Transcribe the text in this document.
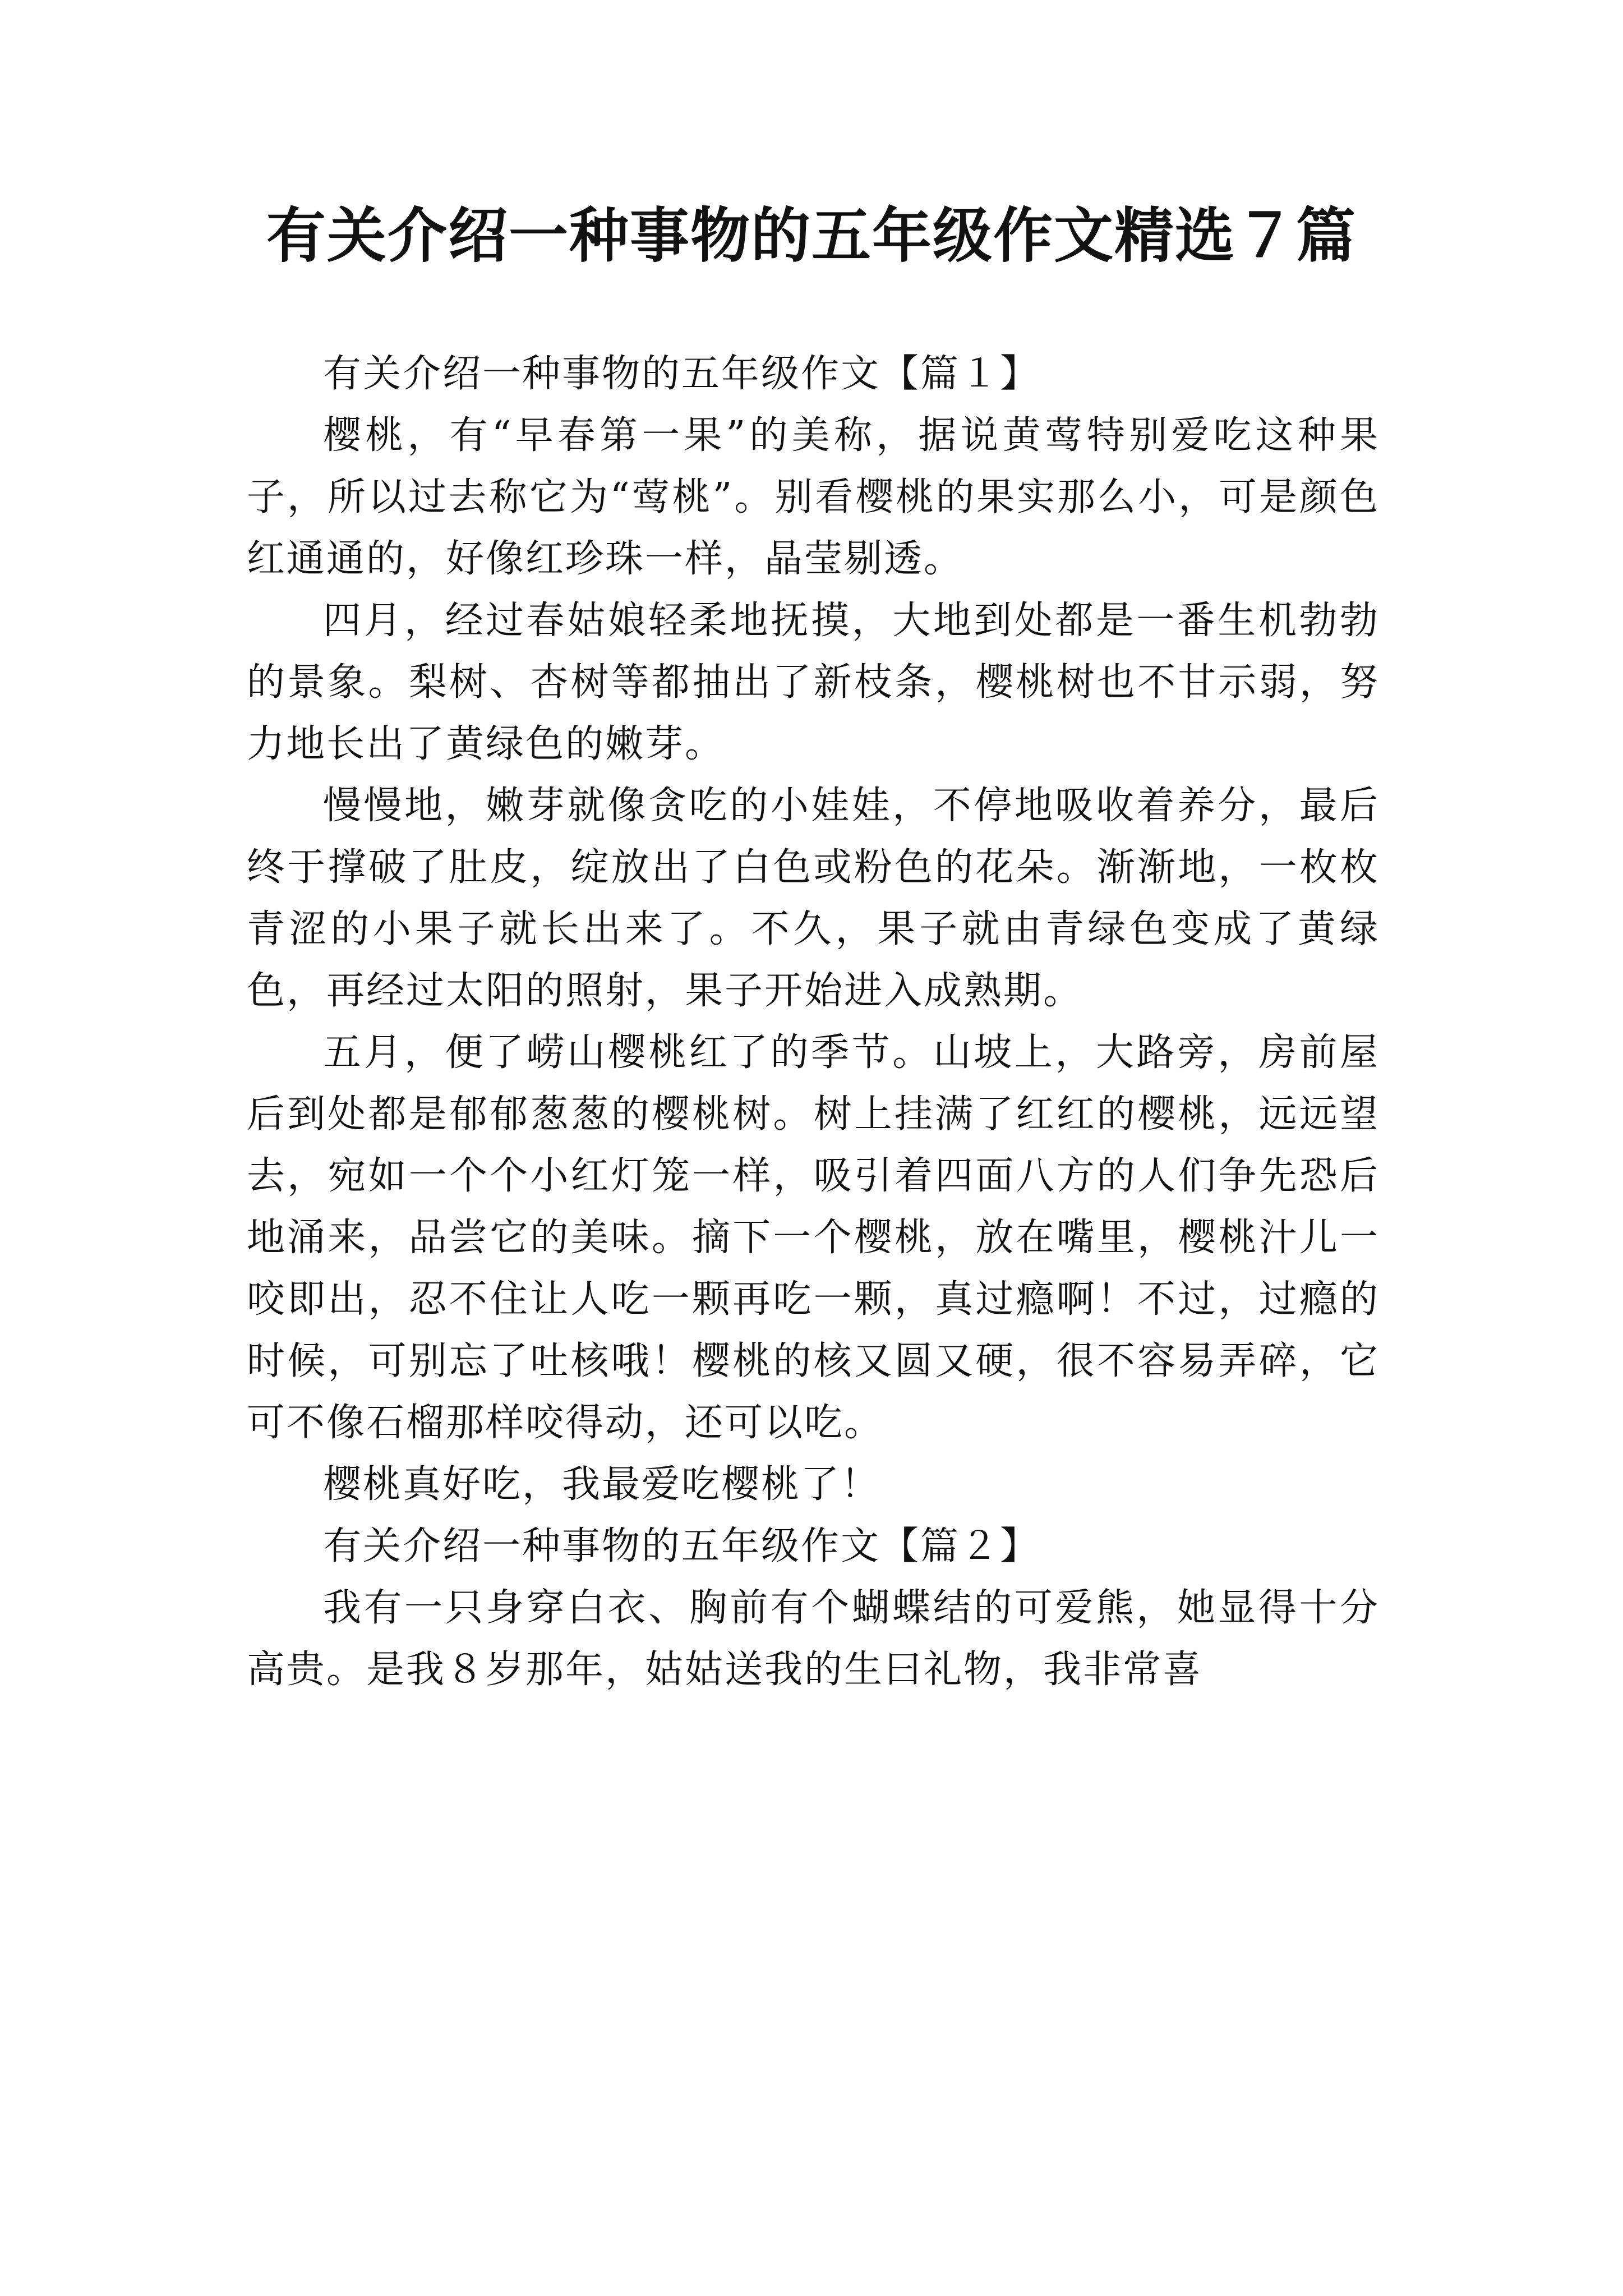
有关介绍一种事物的五年级作文精选７篇

有关介绍一种事物的五年级作文【篇１】

樱桃，有“早春第一果”的美称，据说黄莺特别爱吃这种果子，所以过去称它为“莺桃”。别看樱桃的果实那么小，可是颜色红通通的，好像红珍珠一样，晶莹剔透。

四月，经过春姑娘轻柔地抚摸，大地到处都是一番生机勃勃的景象。梨树、杏树等都抽出了新枝条，樱桃树也不甘示弱，努力地长出了黄绿色的嫩芽。

慢慢地，嫩芽就像贪吃的小娃娃，不停地吸收着养分，最后终于撑破了肚皮，绽放出了白色或粉色的花朵。渐渐地，一枚枚青涩的小果子就长出来了。不久，果子就由青绿色变成了黄绿色，再经过太阳的照射，果子开始进入成熟期。

五月，便了崂山樱桃红了的季节。山坡上，大路旁，房前屋后到处都是郁郁葱葱的樱桃树。树上挂满了红红的樱桃，远远望去，宛如一个个小红灯笼一样，吸引着四面八方的人们争先恐后地涌来，品尝它的美味。摘下一个樱桃，放在嘴里，樱桃汁儿一咬即出，忍不住让人吃一颗再吃一颗，真过瘾啊！不过，过瘾的时候，可别忘了吐核哦！樱桃的核又圆又硬，很不容易弄碎，它可不像石榴那样咬得动，还可以吃。

樱桃真好吃，我最爱吃樱桃了！

有关介绍一种事物的五年级作文【篇２】

我有一只身穿白衣、胸前有个蝴蝶结的可爱熊，她显得十分高贵。是我８岁那年，姑姑送我的生曰礼物，我非常喜
